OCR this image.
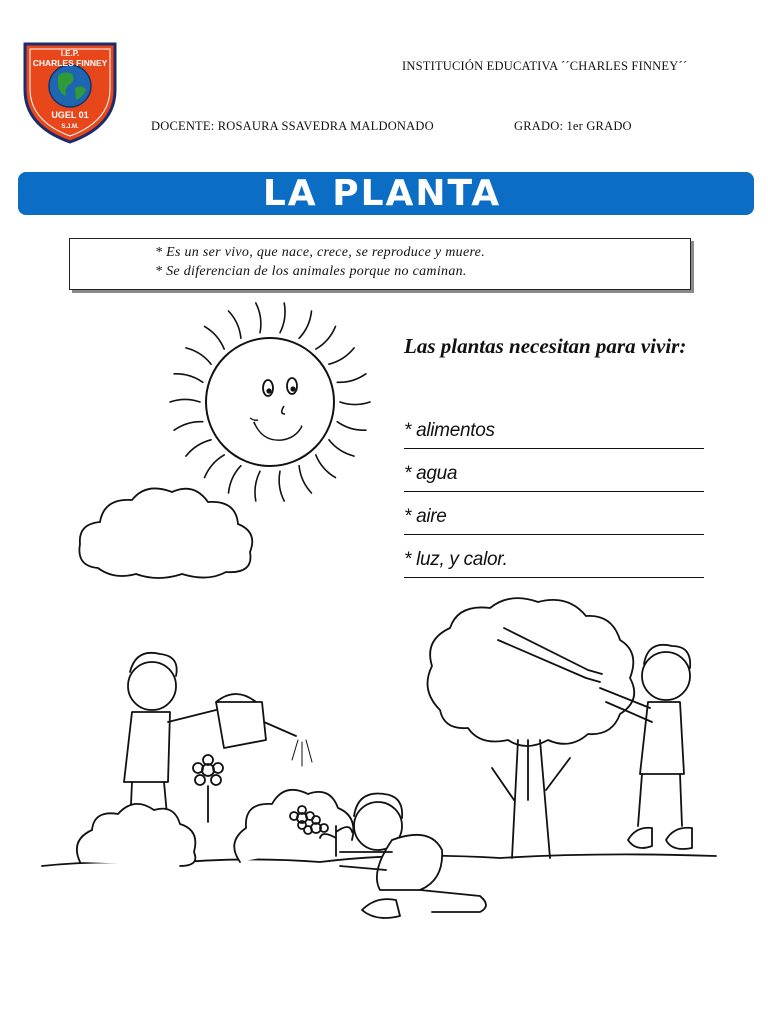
I.E.P.
CHARLES FINNEY
UGEL 01
S.J.M.
INSTITUCIÓN EDUCATIVA ´´CHARLES FINNEY´´
DOCENTE: ROSAURA SSAVEDRA MALDONADO	GRADO: 1er GRADO
LA PLANTA
* Es un ser vivo, que nace, crece, se reproduce y muere.
* Se diferencian de los animales porque no caminan.
Las plantas necesitan para vivir:
* alimentos
* agua
* aire
* luz, y calor.
